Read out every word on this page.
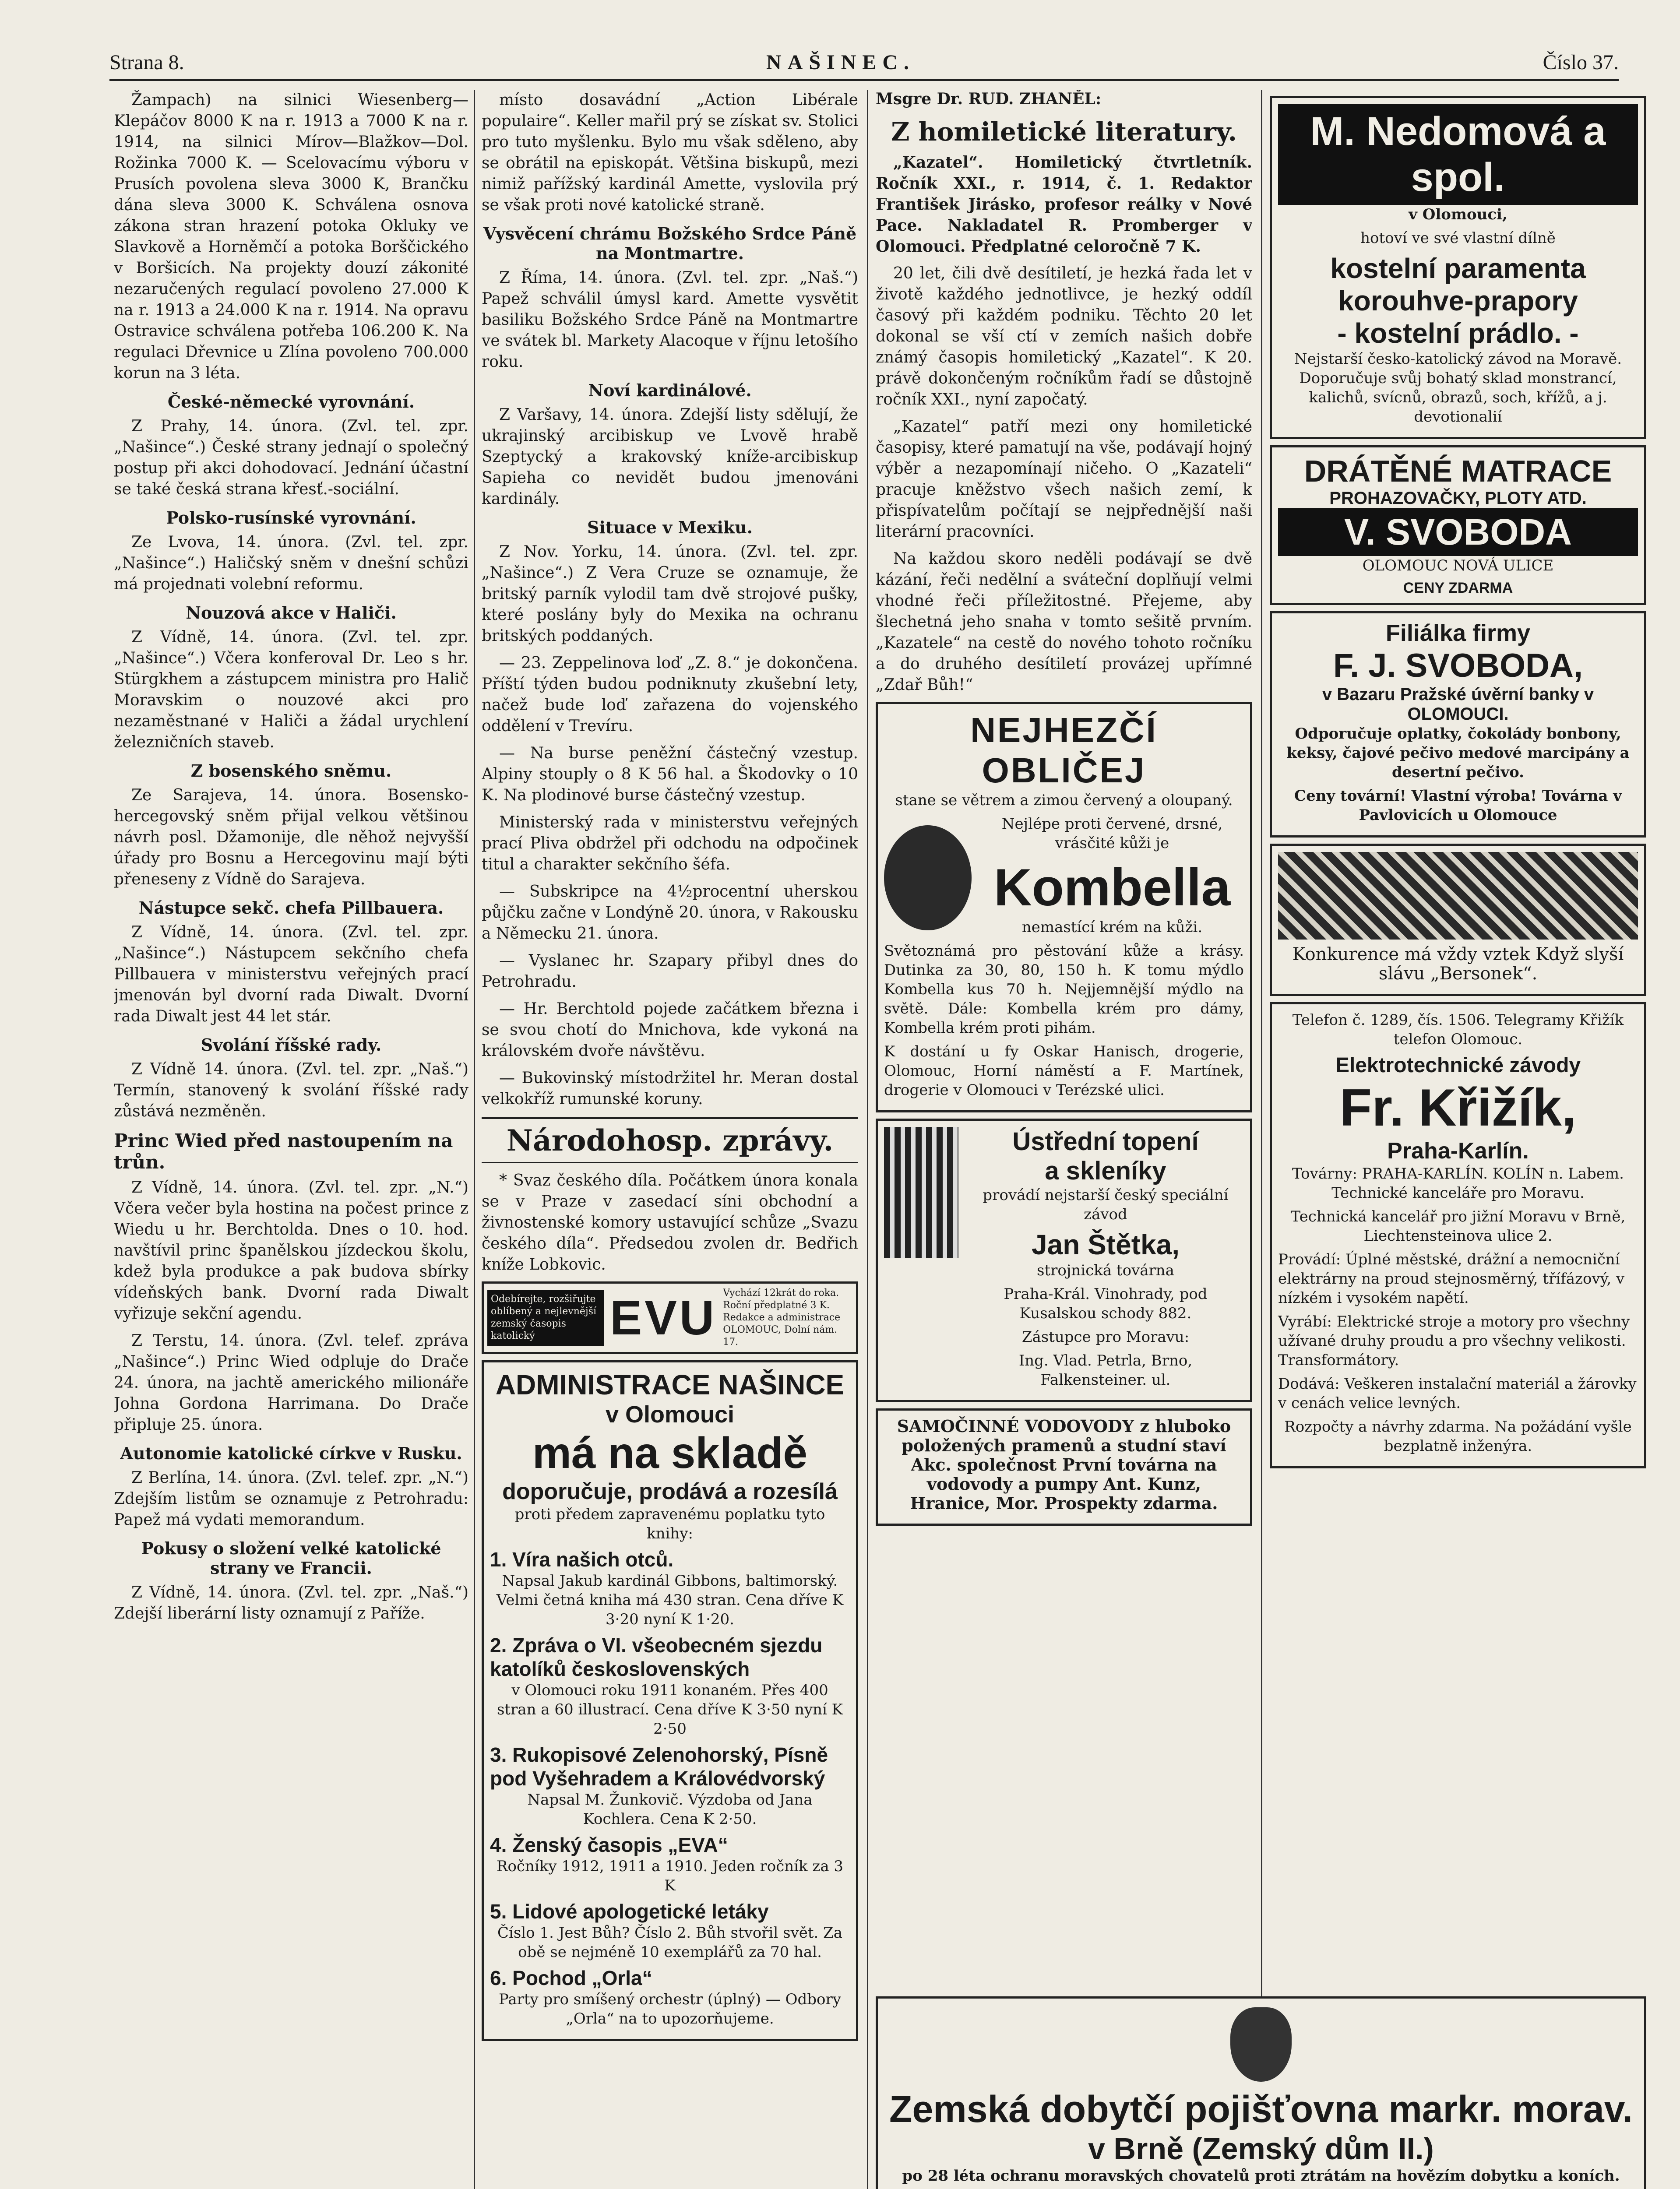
Strana 8.	NAŠINEC.	Číslo 37.

Žampach) na silnici Wiesenberg—Klepáčov 8000 K na r. 1913 a 7000 K na r. 1914, na silnici Mírov—Blažkov—Dol. Rožinka 7000 K. — Scelovacímu výboru v Prusích povolena sleva 3000 K, Brančku dána sleva 3000 K. Schválena osnova zákona stran hrazení potoka Okluky ve Slavkově a Horněmčí a potoka Borščického v Boršicích. Na projekty douzí zákonité nezaručených regulací povoleno 27.000 K na r. 1913 a 24.000 K na r. 1914. Na opravu Ostravice schválena potřeba 106.200 K. Na regulaci Dřevnice u Zlína povoleno 700.000 korun na 3 léta.

České-německé vyrovnání.

Z Prahy, 14. února. (Zvl. tel. zpr. „Našince“.) České strany jednají o společný postup při akci dohodovací. Jednání účastní se také česká strana křesť.-sociální.

Polsko-rusínské vyrovnání.

Ze Lvova, 14. února. (Zvl. tel. zpr. „Našince“.) Haličský sněm v dnešní schůzi má projednati volební reformu.

Nouzová akce v Haliči.

Z Vídně, 14. února. (Zvl. tel. zpr. „Našince“.) Včera konferoval Dr. Leo s hr. Stürgkhem a zástupcem ministra pro Halič Moravskim o nouzové akci pro nezaměstnané v Haliči a žádal urychlení železničních staveb.

Z bosenského sněmu.

Ze Sarajeva, 14. února. Bosensko-hercegovský sněm přijal velkou většinou návrh posl. Džamonije, dle něhož nejvyšší úřady pro Bosnu a Hercegovinu mají býti přeneseny z Vídně do Sarajeva.

Nástupce sekč. chefa Pillbauera.

Z Vídně, 14. února. (Zvl. tel. zpr. „Našince“.) Nástupcem sekčního chefa Pillbauera v ministerstvu veřejných prací jmenován byl dvorní rada Diwalt. Dvorní rada Diwalt jest 44 let stár.

Svolání říšské rady.

Z Vídně 14. února. (Zvl. tel. zpr. „Naš.“) Termín, stanovený k svolání říšské rady zůstává nezměněn.

Princ Wied před nastoupením na trůn.

Z Vídně, 14. února. (Zvl. tel. zpr. „N.“) Včera večer byla hostina na počest prince z Wiedu u hr. Berchtolda. Dnes o 10. hod. navštívil princ španělskou jízdeckou školu, kdež byla produkce a pak budova sbírky vídeňských bank. Dvorní rada Diwalt vyřizuje sekční agendu.

Z Terstu, 14. února. (Zvl. telef. zpráva „Našince“.) Princ Wied odpluje do Drače 24. února, na jachtě amerického milionáře Johna Gordona Harrimana. Do Drače připluje 25. února.

Autonomie katolické církve v Rusku.

Z Berlína, 14. února. (Zvl. telef. zpr. „N.“) Zdejším listům se oznamuje z Petrohradu: Papež má vydati memorandum.

Pokusy o složení velké katolické strany ve Francii.

Z Vídně, 14. února. (Zvl. tel. zpr. „Naš.“) Zdejší liberární listy oznamují z Paříže.

místo dosavádní „Action Libérale populaire“. Keller mařil prý se získat sv. Stolici pro tuto myšlenku. Bylo mu však sděleno, aby se obrátil na episkopát. Většina biskupů, mezi nimiž pařížský kardinál Amette, vyslovila prý se však proti nové katolické straně.

Vysvěcení chrámu Božského Srdce Páně na Montmartre.

Z Říma, 14. února. (Zvl. tel. zpr. „Naš.“) Papež schválil úmysl kard. Amette vysvětit basiliku Božského Srdce Páně na Montmartre ve svátek bl. Markety Alacoque v říjnu letošího roku.

Noví kardinálové.

Z Varšavy, 14. února. Zdejší listy sdělují, že ukrajinský arcibiskup ve Lvově hrabě Szeptycký a krakovský kníže-arcibiskup Sapieha co nevidět budou jmenováni kardinály.

Situace v Mexiku.

Z Nov. Yorku, 14. února. (Zvl. tel. zpr. „Našince“.) Z Vera Cruze se oznamuje, že britský parník vylodil tam dvě strojové pušky, které poslány byly do Mexika na ochranu britských poddaných.

— 23. Zeppelinova loď „Z. 8.“ je dokončena. Příští týden budou podniknuty zkušební lety, načež bude loď zařazena do vojenského oddělení v Trevíru.

— Na burse peněžní částečný vzestup. Alpiny stouply o 8 K 56 hal. a Škodovky o 10 K. Na plodinové burse částečný vzestup.

Ministerský rada v ministerstvu veřejných prací Pliva obdržel při odchodu na odpočinek titul a charakter sekčního šéfa.

— Subskripce na 4½procentní uherskou půjčku začne v Londýně 20. února, v Rakousku a Německu 21. února.

— Vyslanec hr. Szapary přibyl dnes do Petrohradu.

— Hr. Berchtold pojede začátkem března i se svou chotí do Mnichova, kde vykoná na královském dvoře návštěvu.

— Bukovinský místodržitel hr. Meran dostal velkokříž rumunské koruny.

Národohosp. zprávy.

* Svaz českého díla. Počátkem února konala se v Praze v zasedací síni obchodní a živnostenské komory ustavující schůze „Svazu českého díla“. Předsedou zvolen dr. Bedřich kníže Lobkovic.

Odebírejte, rozšiřujte oblíbený a nejlevnější zemský časopis katolický	EVU Vychází 12krát do roka. Roční předplatné 3 K. Redakce a administrace OLOMOUC, Dolní nám. 17.
ADMINISTRACE NAŠINCE
v Olomouci
má na skladě
doporučuje, prodává a rozesílá
proti předem zapravenému poplatku tyto knihy:
1. Víra našich otců.
Napsal Jakub kardinál Gibbons, baltimorský. Velmi četná kniha má 430 stran. Cena dříve K 3·20 nyní K 1·20.
2. Zpráva o VI. všeobecném sjezdu katolíků československých
v Olomouci roku 1911 konaném. Přes 400 stran a 60 illustrací. Cena dříve K 3·50 nyní K 2·50
3. Rukopisové Zelenohorský, Písně pod Vyšehradem a Královédvorský
Napsal M. Žunkovič. Výzdoba od Jana Kochlera. Cena K 2·50.
4. Ženský časopis „EVA“
Ročníky 1912, 1911 a 1910. Jeden ročník za 3 K
5. Lidové apologetické letáky
Číslo 1. Jest Bůh? Číslo 2. Bůh stvořil svět. Za obě se nejméně 10 exemplářů za 70 hal.
6. Pochod „Orla“
Party pro smíšený orchestr (úplný) — Odbory „Orla“ na to upozorňujeme.
Msgre Dr. RUD. ZHANĚL:
Z homiletické literatury.

„Kazatel“. Homiletický čtvrtletník. Ročník XXI., r. 1914, č. 1. Redaktor František Jirásko, profesor reálky v Nové Pace. Nakladatel R. Promberger v Olomouci. Předplatné celoročně 7 K.

20 let, čili dvě desítiletí, je hezká řada let v životě každého jednotlivce, je hezký oddíl časový při každém podniku. Těchto 20 let dokonal se vší ctí v zemích našich dobře známý časopis homiletický „Kazatel“. K 20. právě dokončeným ročníkům řadí se důstojně ročník XXI., nyní započatý.

„Kazatel“ patří mezi ony homiletické časopisy, které pamatují na vše, podávají hojný výběr a nezapomínají ničeho. O „Kazateli“ pracuje kněžstvo všech našich zemí, k přispívatelům počítají se nejpřednější naši literární pracovníci.

Na každou skoro neděli podávají se dvě kázání, řeči nedělní a sváteční doplňují velmi vhodné řeči příležitostné. Přejeme, aby šlechetná jeho snaha v tomto sešitě prvním. „Kazatele“ na cestě do nového tohoto ročníku a do druhého desítiletí provázej upřímné „Zdař Bůh!“

NEJHEZČÍ
OBLIČEJ
stane se větrem a zimou červený a oloupaný.
Nejlépe proti červené, drsné, vrásčité kůži je
Kombella
nemastící krém na kůži.
Světoznámá pro pěstování kůže a krásy. Dutinka za 30, 80, 150 h. K tomu mýdlo Kombella kus 70 h. Nejjemnější mýdlo na světě. Dále: Kombella krém pro dámy, Kombella krém proti pihám.
K dostání u fy Oskar Hanisch, drogerie, Olomouc, Horní náměstí a F. Martínek, drogerie v Olomouci v Terézské ulici.
Ústřední topení
a skleníky
provádí nejstarší český speciální závod
Jan Štětka,
strojnická továrna
Praha-Král. Vinohrady, pod Kusalskou schody 882.
Zástupce pro Moravu:
Ing. Vlad. Petrla, Brno, Falkensteiner. ul.
SAMOČINNÉ VODOVODY z hluboko položených pramenů a studní staví Akc. společnost První továrna na vodovody a pumpy Ant. Kunz, Hranice, Mor. Prospekty zdarma.
M. Nedomová a spol.
v Olomouci,
hotoví ve své vlastní dílně
kostelní paramenta
korouhve-prapory
- kostelní prádlo. -
Nejstarší česko-katolický závod na Moravě. Doporučuje svůj bohatý sklad monstrancí, kalichů, svícnů, obrazů, soch, křížů, a j. devotionalií
DRÁTĚNÉ MATRACE
PROHAZOVAČKY, PLOTY ATD.
V. SVOBODA
OLOMOUC NOVÁ ULICE
CENY ZDARMA
Filiálka firmy
F. J. SVOBODA,
v Bazaru Pražské úvěrní banky v OLOMOUCI.
Odporučuje oplatky, čokolády bonbony, keksy, čajové pečivo medové marcipány a desertní pečivo.
Ceny tovární! Vlastní výroba! Továrna v Pavlovicích u Olomouce
Konkurence má vždy vztek Když slyší slávu „Bersonek“.
Telefon č. 1289, čís. 1506. Telegramy Křižík telefon Olomouc.
Elektrotechnické závody
Fr. Křižík,
Praha-Karlín.
Továrny: PRAHA-KARLÍN. KOLÍN n. Labem. Technické kanceláře pro Moravu.
Technická kancelář pro jižní Moravu v Brně, Liechtensteinova ulice 2.
Provádí: Úplné městské, drážní a nemocniční elektrárny na proud stejnosměrný, třífázový, v nízkém i vysokém napětí.
Vyrábí: Elektrické stroje a motory pro všechny užívané druhy proudu a pro všechny velikosti. Transformátory.
Dodává: Veškeren instalační materiál a žárovky v cenách velice levných.
Rozpočty a návrhy zdarma. Na požádání vyšle bezplatně inženýra.
Zemská dobytčí pojišťovna markr. morav.
v Brně (Zemský dům II.)
po 28 léta ochranu moravských chovatelů proti ztrátám na hovězím dobytku a koních.
